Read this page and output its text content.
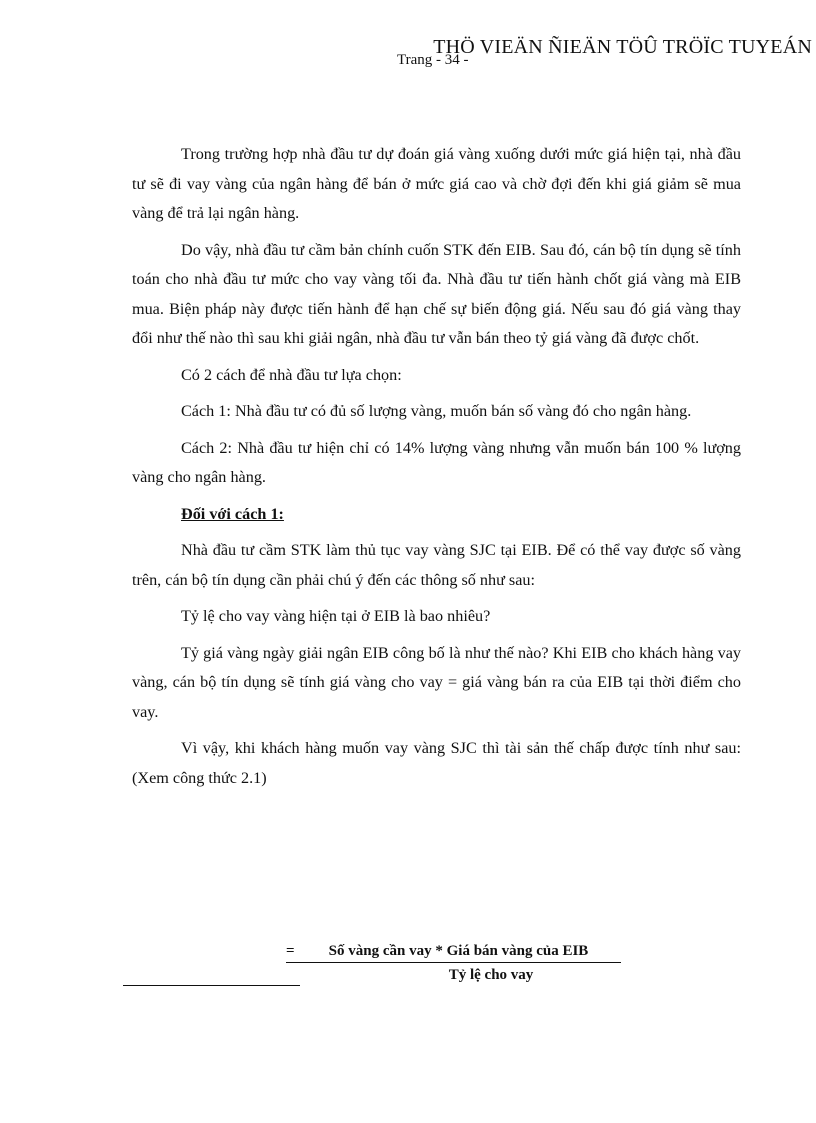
THÖ VIEÄN ÑIEÄN TÖÛ TRÖÏC TUYEÁN
Trang - 34 -

Trong trường hợp nhà đầu tư dự đoán giá vàng xuống dưới mức giá hiện tại, nhà đầu tư sẽ đi vay vàng của ngân hàng để bán ở mức giá cao và chờ đợi đến khi giá giảm sẽ mua vàng để trả lại ngân hàng.

Do vậy, nhà đầu tư cầm bản chính cuốn STK đến EIB. Sau đó, cán bộ tín dụng sẽ tính toán cho nhà đầu tư mức cho vay vàng tối đa. Nhà đầu tư tiến hành chốt giá vàng mà EIB mua. Biện pháp này được tiến hành để hạn chế sự biến động giá. Nếu sau đó giá vàng thay đổi như thế nào thì sau khi giải ngân, nhà đầu tư vẫn bán theo tỷ giá vàng đã được chốt.

Có 2 cách để nhà đầu tư lựa chọn:

Cách 1: Nhà đầu tư có đủ số lượng vàng, muốn bán số vàng đó cho ngân hàng.

Cách 2: Nhà đầu tư hiện chỉ có 14% lượng vàng nhưng vẫn muốn bán 100 % lượng vàng cho ngân hàng.

Đối với cách 1:

Nhà đầu tư cầm STK làm thủ tục vay vàng SJC tại EIB. Để có thể vay được số vàng trên, cán bộ tín dụng cần phải chú ý đến các thông số như sau:

Tỷ lệ cho vay vàng hiện tại ở EIB là bao nhiêu?

Tỷ giá vàng ngày giải ngân EIB công bố là như thế nào? Khi EIB cho khách hàng vay vàng, cán bộ tín dụng sẽ tính giá vàng cho vay = giá vàng bán ra của EIB tại thời điểm cho vay.

Vì vậy, khi khách hàng muốn vay vàng SJC thì tài sản thế chấp được tính như sau: (Xem công thức 2.1)

= Số vàng cần vay * Giá bán vàng của EIB
Tỷ lệ cho vay
